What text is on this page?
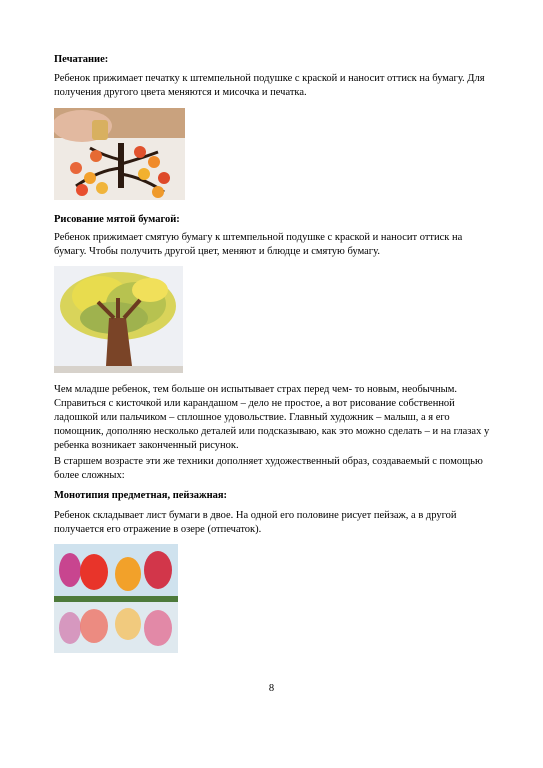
Печатание:

Ребенок прижимает печатку к штемпельной подушке с краской и наносит оттиск на бумагу. Для получения другого цвета меняются и мисочка и печатка.

Рисование мятой бумагой:

Ребенок прижимает смятую бумагу к штемпельной подушке с краской и наносит оттиск на бумагу. Чтобы получить другой цвет, меняют и блюдце и смятую бумагу.

Чем младше ребенок, тем больше он испытывает страх перед чем- то новым, необычным. Справиться с кисточкой или карандашом – дело не простое, а вот рисование собственной ладошкой или пальчиком – сплошное удовольствие. Главный художник – малыш, а я его помощник, дополняю несколько деталей или подсказываю, как это можно сделать – и на глазах у ребенка возникает законченный рисунок.

В старшем возрасте эти же техники дополняет художественный образ, создаваемый с помощью более сложных:

Монотипия предметная, пейзажная:

Ребенок складывает лист бумаги в двое. На одной его половине рисует пейзаж, а в другой получается его отражение в озере (отпечаток).

8
